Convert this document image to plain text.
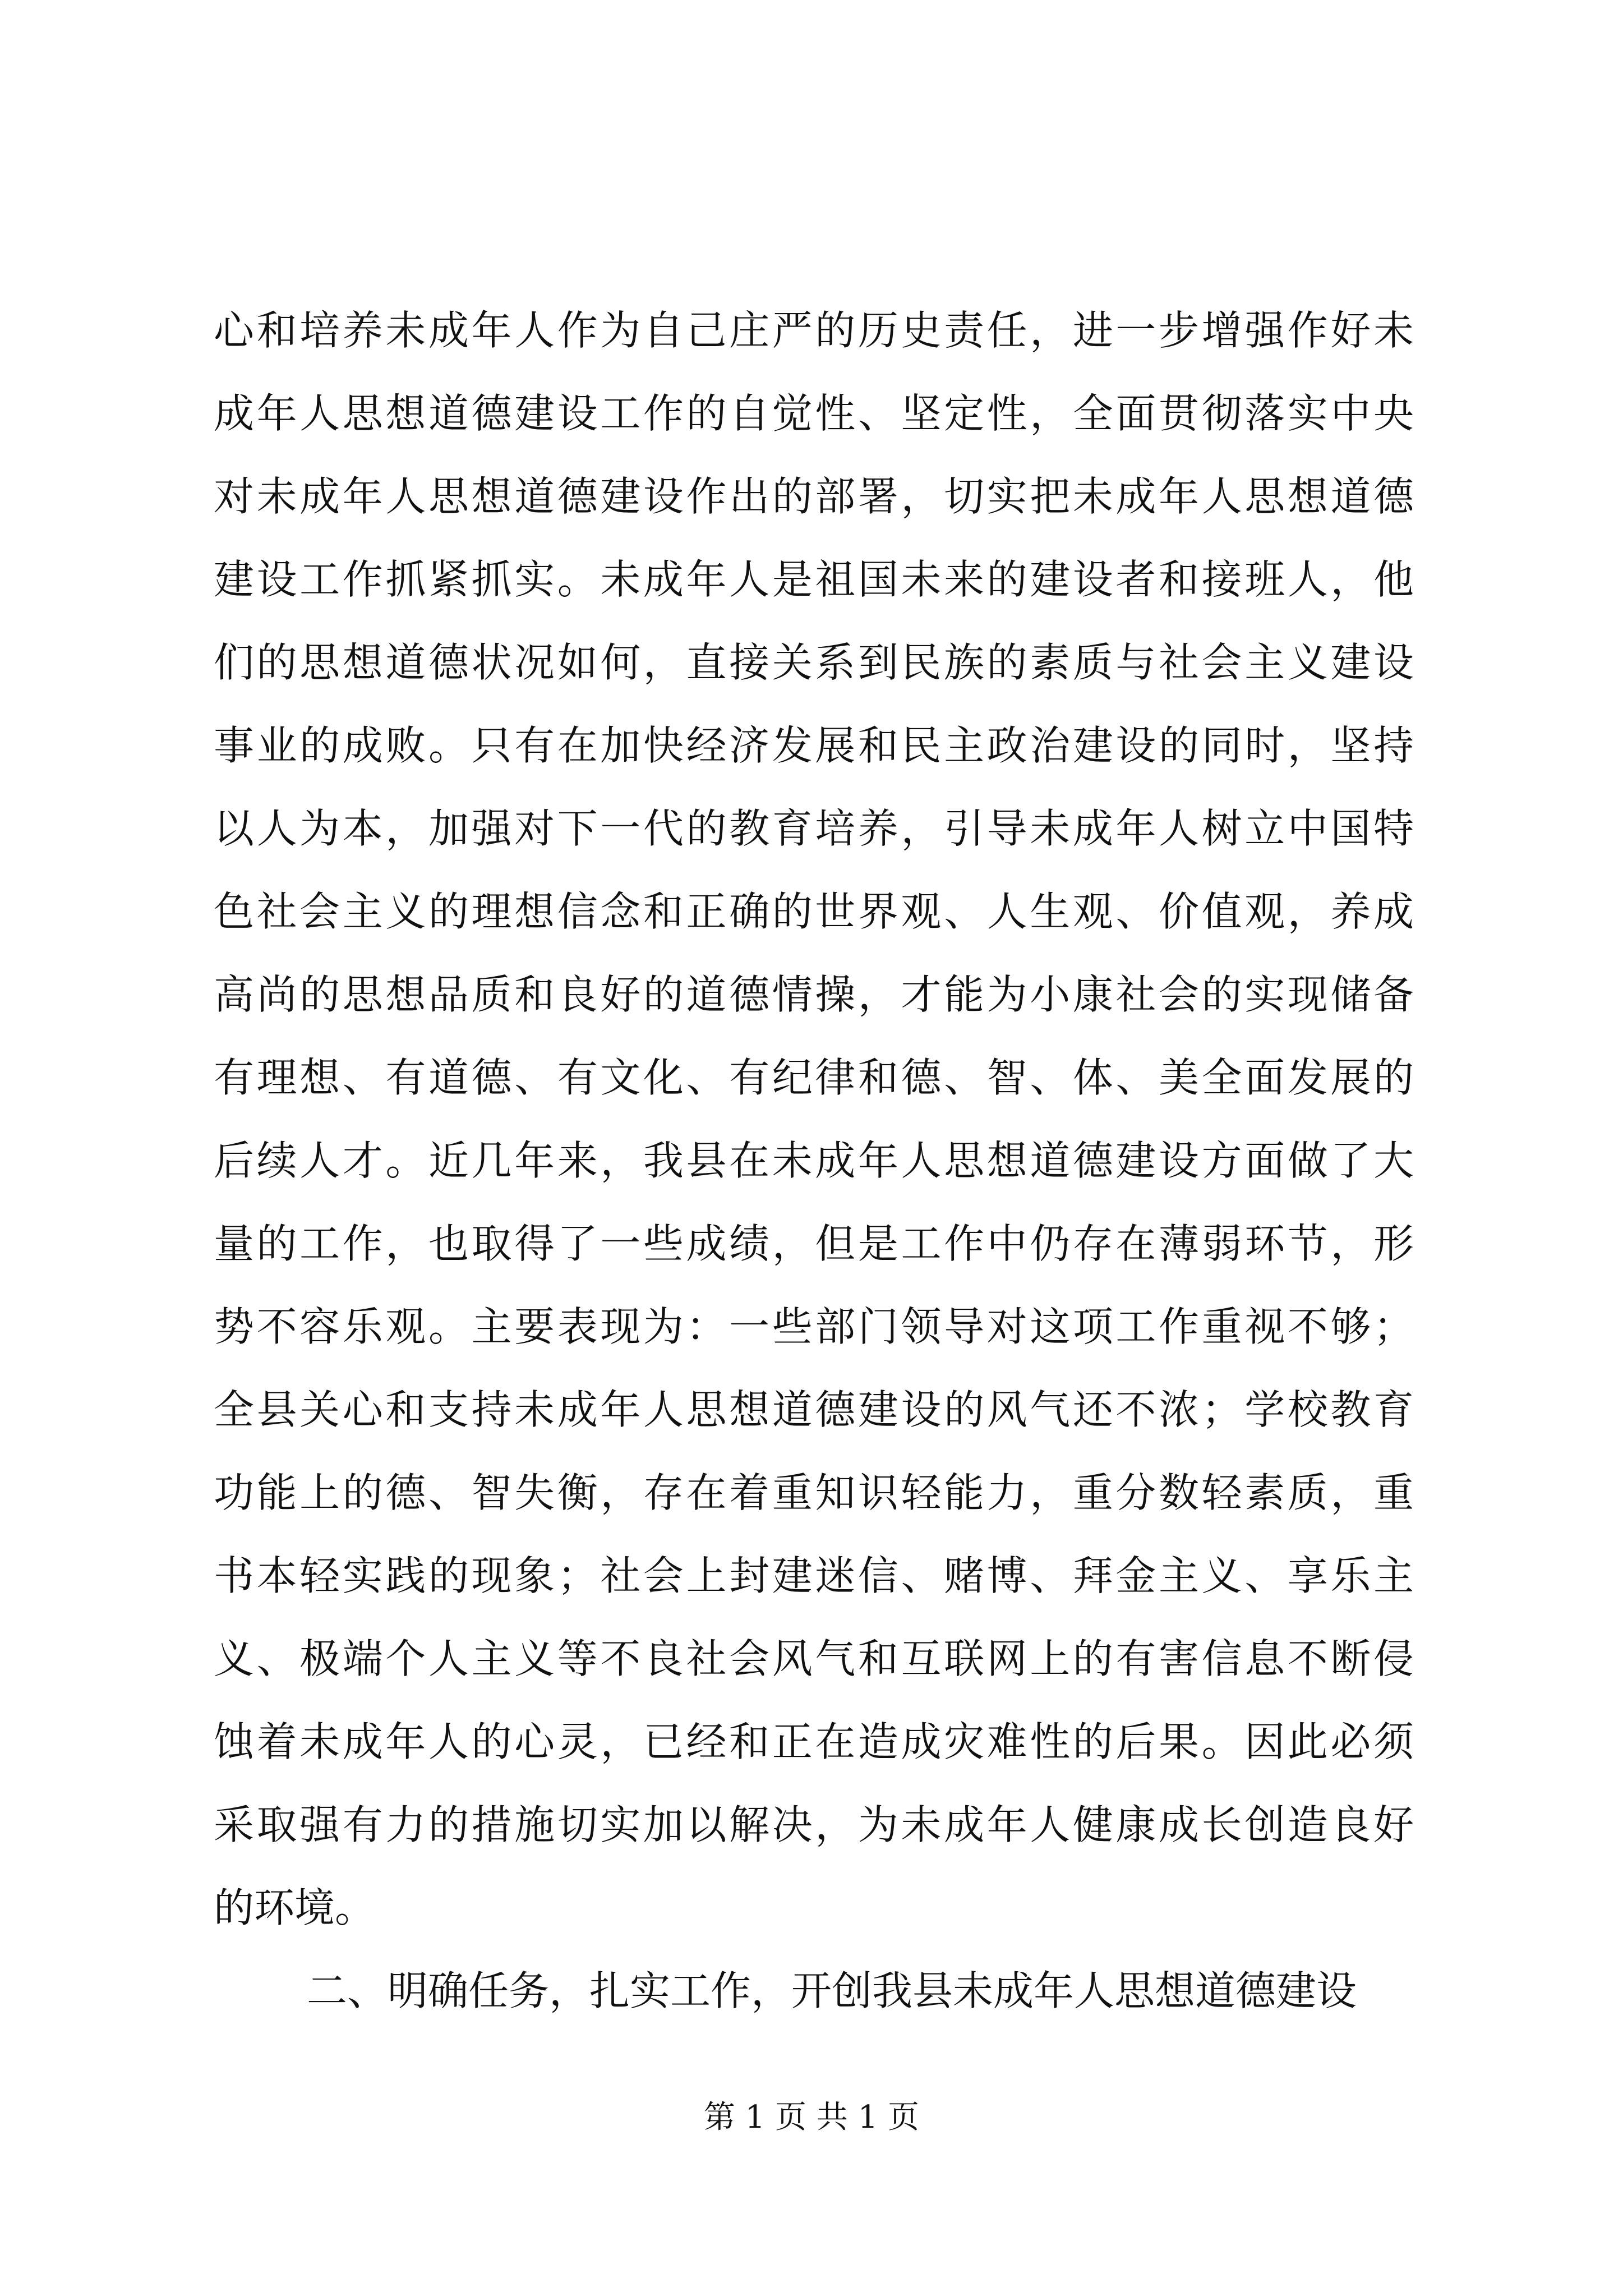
心和培养未成年人作为自己庄严的历史责任，进一步增强作好未
成年人思想道德建设工作的自觉性、坚定性，全面贯彻落实中央
对未成年人思想道德建设作出的部署，切实把未成年人思想道德
建设工作抓紧抓实。未成年人是祖国未来的建设者和接班人，他
们的思想道德状况如何，直接关系到民族的素质与社会主义建设
事业的成败。只有在加快经济发展和民主政治建设的同时，坚持
以人为本，加强对下一代的教育培养，引导未成年人树立中国特
色社会主义的理想信念和正确的世界观、人生观、价值观，养成
高尚的思想品质和良好的道德情操，才能为小康社会的实现储备
有理想、有道德、有文化、有纪律和德、智、体、美全面发展的
后续人才。近几年来，我县在未成年人思想道德建设方面做了大
量的工作，也取得了一些成绩，但是工作中仍存在薄弱环节，形
势不容乐观。主要表现为：一些部门领导对这项工作重视不够；
全县关心和支持未成年人思想道德建设的风气还不浓；学校教育
功能上的德、智失衡，存在着重知识轻能力，重分数轻素质，重
书本轻实践的现象；社会上封建迷信、赌博、拜金主义、享乐主
义、极端个人主义等不良社会风气和互联网上的有害信息不断侵
蚀着未成年人的心灵，已经和正在造成灾难性的后果。因此必须
采取强有力的措施切实加以解决，为未成年人健康成长创造良好
的环境。
二、明确任务，扎实工作，开创我县未成年人思想道德建设
第 1 页 共 1 页
